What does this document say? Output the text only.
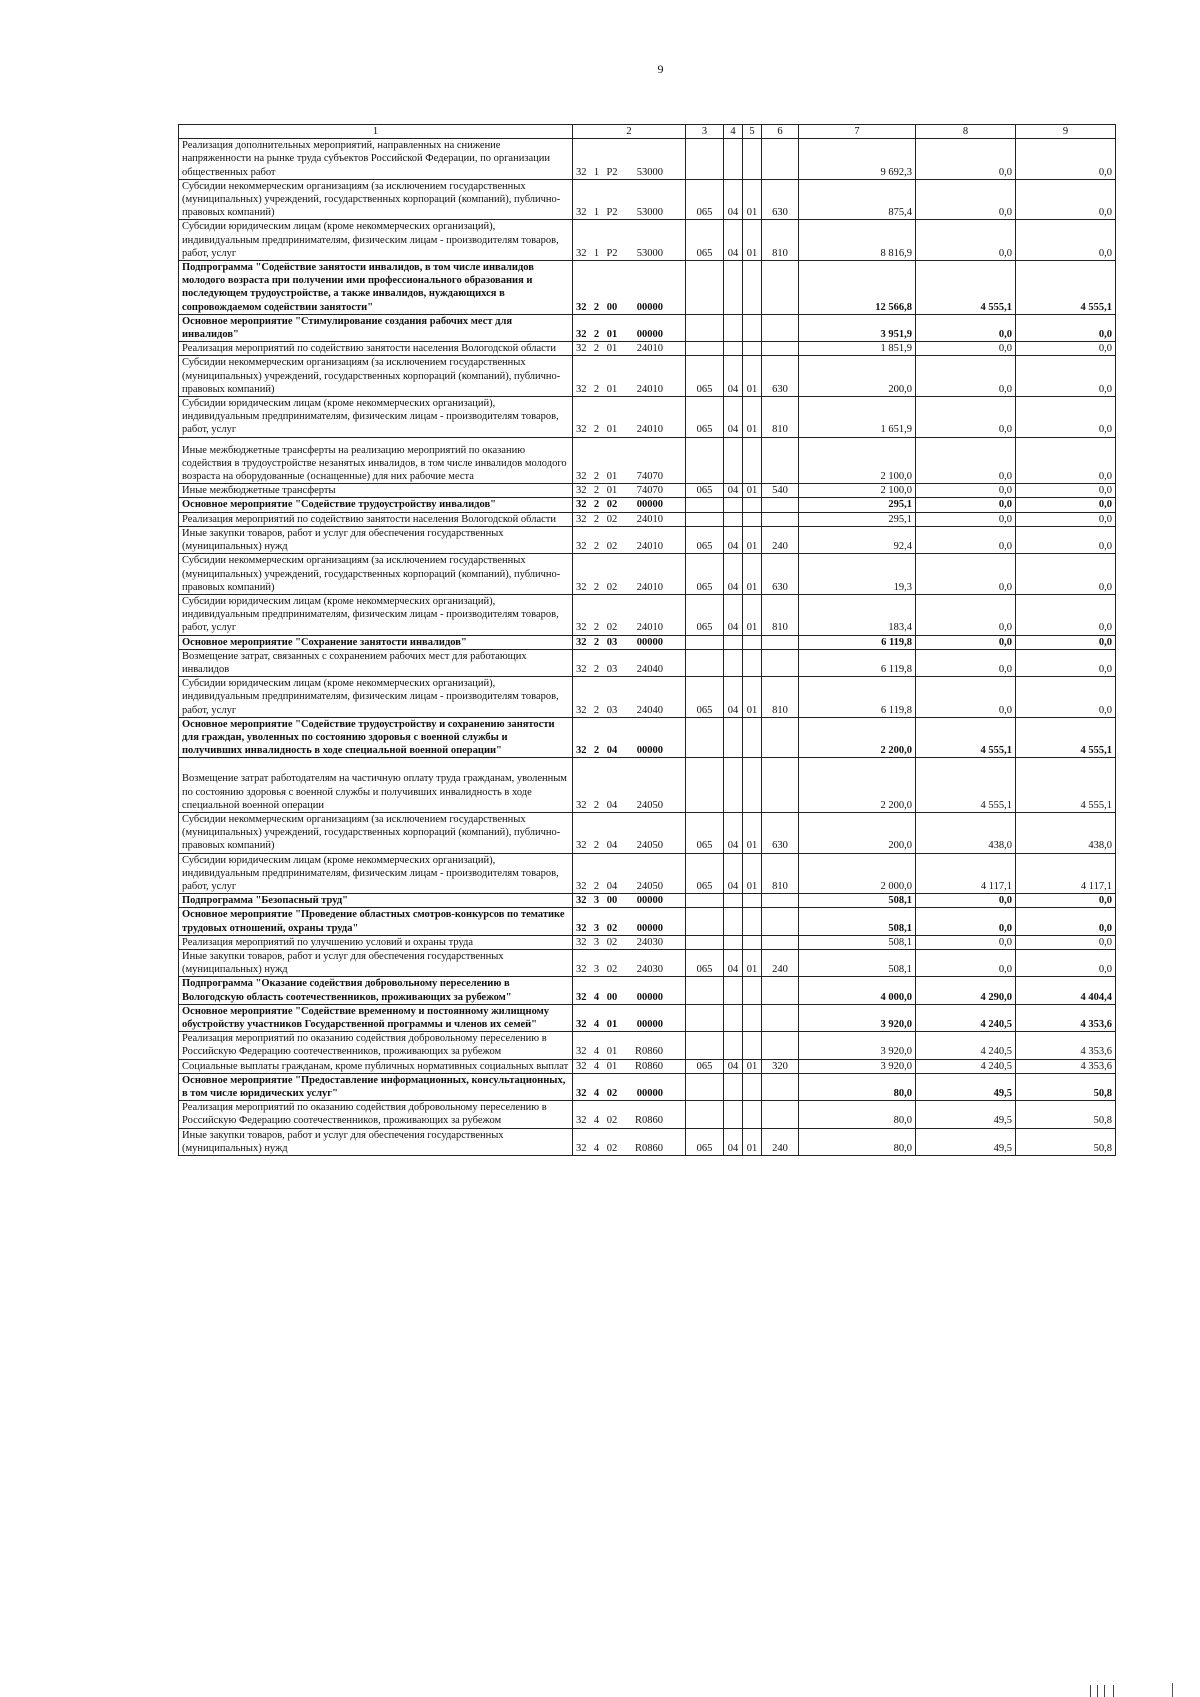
9
1	2	3	4	5	6	7	8	9
Реализация дополнительных мероприятий, направленных на снижение напряженности на рынке труда субъектов Российской Федерации, по организации общественных работ	32 1 Р2 53000					9 692,3	0,0	0,0
Субсидии некоммерческим организациям (за исключением государственных (муниципальных) учреждений, государственных корпораций (компаний), публично-правовых компаний)	32 1 Р2 53000	065	04	01	630	875,4	0,0	0,0
Субсидии юридическим лицам (кроме некоммерческих организаций), индивидуальным предпринимателям, физическим лицам - производителям товаров, работ, услуг	32 1 Р2 53000	065	04	01	810	8 816,9	0,0	0,0
Подпрограмма "Содействие занятости инвалидов, в том числе инвалидов молодого возраста при получении ими профессионального образования и последующем трудоустройстве, а также инвалидов, нуждающихся в сопровождаемом содействии занятости"	32 2 00 00000					12 566,8	4 555,1	4 555,1
Основное мероприятие "Стимулирование создания рабочих мест для инвалидов"	32 2 01 00000					3 951,9	0,0	0,0
Реализация мероприятий по содействию занятости населения Вологодской области	32 2 01 24010					1 851,9	0,0	0,0
Субсидии некоммерческим организациям (за исключением государственных (муниципальных) учреждений, государственных корпораций (компаний), публично-правовых компаний)	32 2 01 24010	065	04	01	630	200,0	0,0	0,0
Субсидии юридическим лицам (кроме некоммерческих организаций), индивидуальным предпринимателям, физическим лицам - производителям товаров, работ, услуг	32 2 01 24010	065	04	01	810	1 651,9	0,0	0,0
Иные межбюджетные трансферты на реализацию мероприятий по оказанию содействия в трудоустройстве незанятых инвалидов, в том числе инвалидов молодого возраста на оборудованные (оснащенные) для них рабочие места	32 2 01 74070					2 100,0	0,0	0,0
Иные межбюджетные трансферты	32 2 01 74070	065	04	01	540	2 100,0	0,0	0,0
Основное мероприятие "Содействие трудоустройству инвалидов"	32 2 02 00000					295,1	0,0	0,0
Реализация мероприятий по содействию занятости населения Вологодской области	32 2 02 24010					295,1	0,0	0,0
Иные закупки товаров, работ и услуг для обеспечения государственных (муниципальных) нужд	32 2 02 24010	065	04	01	240	92,4	0,0	0,0
Субсидии некоммерческим организациям (за исключением государственных (муниципальных) учреждений, государственных корпораций (компаний), публично-правовых компаний)	32 2 02 24010	065	04	01	630	19,3	0,0	0,0
Субсидии юридическим лицам (кроме некоммерческих организаций), индивидуальным предпринимателям, физическим лицам - производителям товаров, работ, услуг	32 2 02 24010	065	04	01	810	183,4	0,0	0,0
Основное мероприятие "Сохранение занятости инвалидов"	32 2 03 00000					6 119,8	0,0	0,0
Возмещение затрат, связанных с сохранением рабочих мест для работающих инвалидов	32 2 03 24040					6 119,8	0,0	0,0
Субсидии юридическим лицам (кроме некоммерческих организаций), индивидуальным предпринимателям, физическим лицам - производителям товаров, работ, услуг	32 2 03 24040	065	04	01	810	6 119,8	0,0	0,0
Основное мероприятие "Содействие трудоустройству и сохранению занятости для граждан, уволенных по состоянию здоровья с военной службы и получивших инвалидность в ходе специальной военной операции"	32 2 04 00000					2 200,0	4 555,1	4 555,1
Возмещение затрат работодателям на частичную оплату труда гражданам, уволенным по состоянию здоровья с военной службы и получивших инвалидность в ходе специальной военной операции	32 2 04 24050					2 200,0	4 555,1	4 555,1
Субсидии некоммерческим организациям (за исключением государственных (муниципальных) учреждений, государственных корпораций (компаний), публично-правовых компаний)	32 2 04 24050	065	04	01	630	200,0	438,0	438,0
Субсидии юридическим лицам (кроме некоммерческих организаций), индивидуальным предпринимателям, физическим лицам - производителям товаров, работ, услуг	32 2 04 24050	065	04	01	810	2 000,0	4 117,1	4 117,1
Подпрограмма "Безопасный труд"	32 3 00 00000					508,1	0,0	0,0
Основное мероприятие "Проведение областных смотров-конкурсов по тематике трудовых отношений, охраны труда"	32 3 02 00000					508,1	0,0	0,0
Реализация мероприятий по улучшению условий и охраны труда	32 3 02 24030					508,1	0,0	0,0
Иные закупки товаров, работ и услуг для обеспечения государственных (муниципальных) нужд	32 3 02 24030	065	04	01	240	508,1	0,0	0,0
Подпрограмма "Оказание содействия добровольному переселению в Вологодскую область соотечественников, проживающих за рубежом"	32 4 00 00000					4 000,0	4 290,0	4 404,4
Основное мероприятие "Содействие временному и постоянному жилищному обустройству участников Государственной программы и членов их семей"	32 4 01 00000					3 920,0	4 240,5	4 353,6
Реализация мероприятий по оказанию содействия добровольному переселению в Российскую Федерацию соотечественников, проживающих за рубежом	32 4 01 R0860					3 920,0	4 240,5	4 353,6
Социальные выплаты гражданам, кроме публичных нормативных социальных выплат	32 4 01 R0860	065	04	01	320	3 920,0	4 240,5	4 353,6
Основное мероприятие "Предоставление информационных, консультационных, в том числе юридических услуг"	32 4 02 00000					80,0	49,5	50,8
Реализация мероприятий по оказанию содействия добровольному переселению в Российскую Федерацию соотечественников, проживающих за рубежом	32 4 02 R0860					80,0	49,5	50,8
Иные закупки товаров, работ и услуг для обеспечения государственных (муниципальных) нужд	32 4 02 R0860	065	04	01	240	80,0	49,5	50,8
